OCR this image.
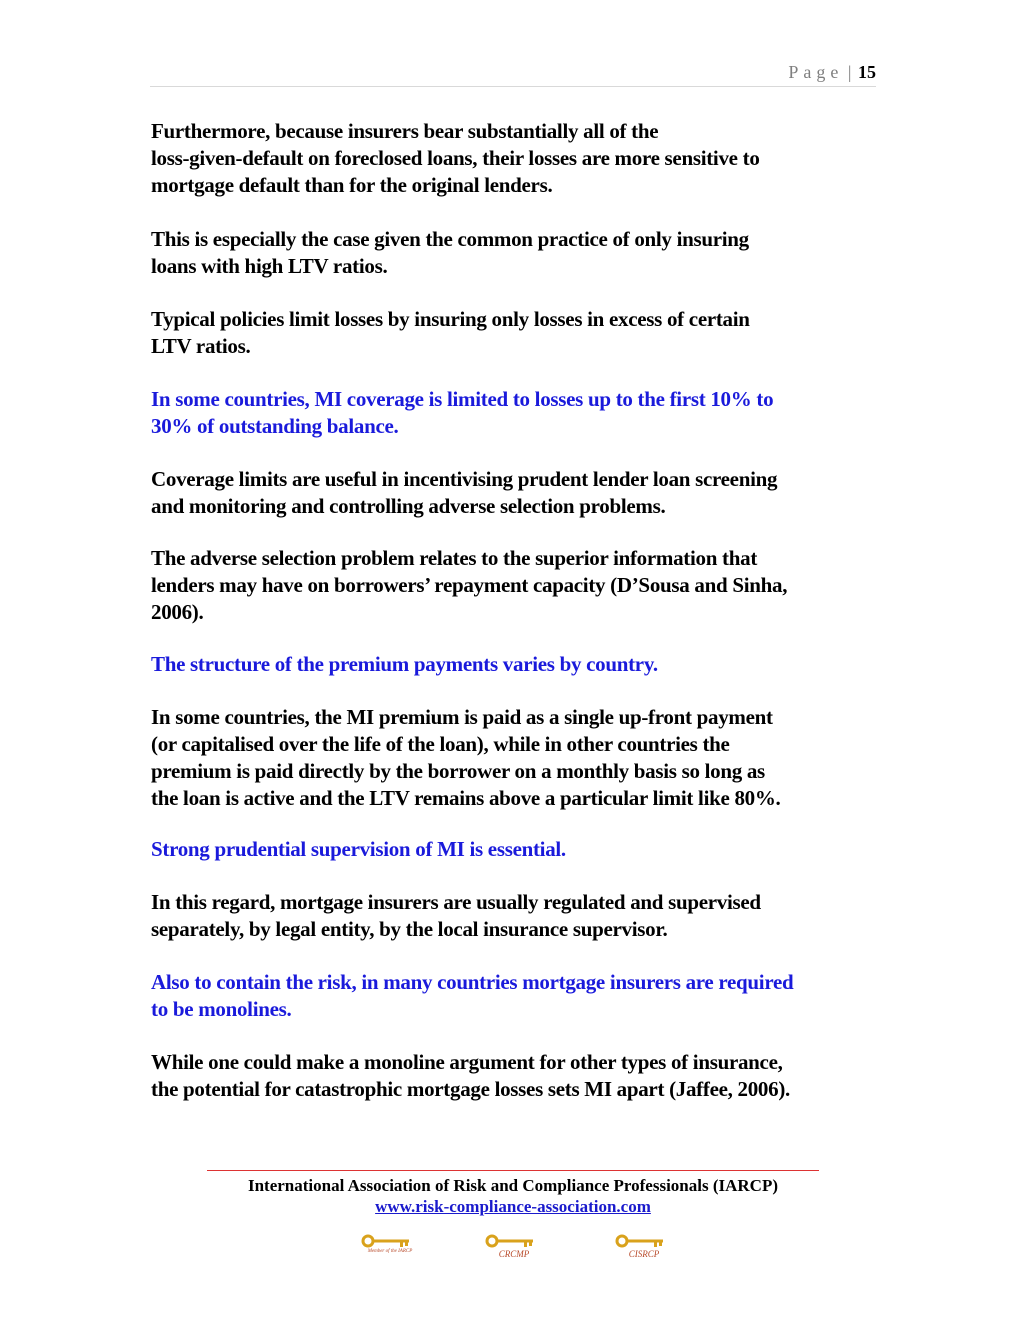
Page | 15

Furthermore, because insurers bear substantially all of the
loss-given-default on foreclosed loans, their losses are more sensitive to
mortgage default than for the original lenders.

This is especially the case given the common practice of only insuring
loans with high LTV ratios.

Typical policies limit losses by insuring only losses in excess of certain
LTV ratios.

In some countries, MI coverage is limited to losses up to the first 10% to
30% of outstanding balance.

Coverage limits are useful in incentivising prudent lender loan screening
and monitoring and controlling adverse selection problems.

The adverse selection problem relates to the superior information that
lenders may have on borrowers’ repayment capacity (D’Sousa and Sinha,
2006).

The structure of the premium payments varies by country.

In some countries, the MI premium is paid as a single up-front payment
(or capitalised over the life of the loan), while in other countries the
premium is paid directly by the borrower on a monthly basis so long as
the loan is active and the LTV remains above a particular limit like 80%.

Strong prudential supervision of MI is essential.

In this regard, mortgage insurers are usually regulated and supervised
separately, by legal entity, by the local insurance supervisor.

Also to contain the risk, in many countries mortgage insurers are required
to be monolines.

While one could make a monoline argument for other types of insurance,
the potential for catastrophic mortgage losses sets MI apart (Jaffee, 2006).

International Association of Risk and Compliance Professionals (IARCP)
www.risk-compliance-association.com
Member of the IARCP	CRCMP	CISRCP
